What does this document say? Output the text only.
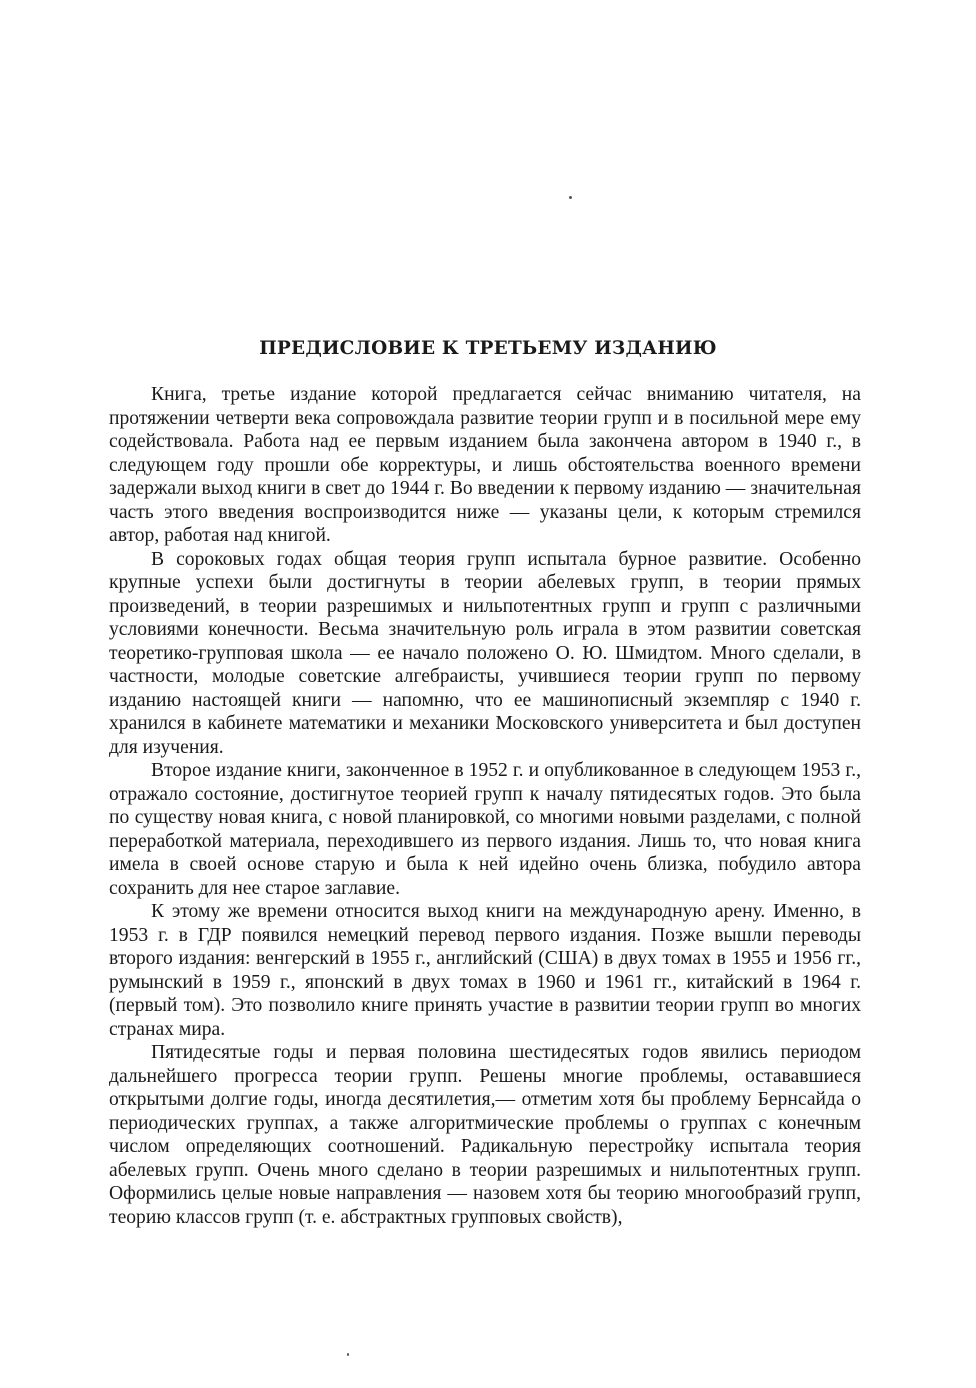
ПРЕДИСЛОВИЕ К ТРЕТЬЕМУ ИЗДАНИЮ

Книга, третье издание которой предлагается сейчас вниманию читателя, на протяжении четверти века сопровождала развитие теории групп и в посильной мере ему содействовала. Работа над ее первым изданием была закончена автором в 1940 г., в следующем году прошли обе корректуры, и лишь обстоятельства военного времени задержали выход книги в свет до 1944 г. Во введении к первому изданию — значительная часть этого введения воспроизводится ниже — указаны цели, к которым стремился автор, работая над книгой.

В сороковых годах общая теория групп испытала бурное развитие. Особенно крупные успехи были достигнуты в теории абелевых групп, в теории прямых произведений, в теории разрешимых и нильпотентных групп и групп с различными условиями конечности. Весьма значительную роль играла в этом развитии советская теоретико-групповая школа — ее начало положено О. Ю. Шмидтом. Много сделали, в частности, молодые советские алгебраисты, учившиеся теории групп по первому изданию настоящей книги — напомню, что ее машинописный экземпляр с 1940 г. хранился в кабинете математики и механики Московского университета и был доступен для изучения.

Второе издание книги, законченное в 1952 г. и опубликованное в следующем 1953 г., отражало состояние, достигнутое теорией групп к началу пятидесятых годов. Это была по существу новая книга, с новой планировкой, со многими новыми разделами, с полной переработкой материала, переходившего из первого издания. Лишь то, что новая книга имела в своей основе старую и была к ней идейно очень близка, побудило автора сохранить для нее старое заглавие.

К этому же времени относится выход книги на международную арену. Именно, в 1953 г. в ГДР появился немецкий перевод первого издания. Позже вышли переводы второго издания: венгерский в 1955 г., английский (США) в двух томах в 1955 и 1956 гг., румынский в 1959 г., японский в двух томах в 1960 и 1961 гг., китайский в 1964 г. (первый том). Это позволило книге принять участие в развитии теории групп во многих странах мира.

Пятидесятые годы и первая половина шестидесятых годов явились периодом дальнейшего прогресса теории групп. Решены многие проблемы, остававшиеся открытыми долгие годы, иногда десятилетия,— отметим хотя бы проблему Бернсайда о периодических группах, а также алгоритмические проблемы о группах с конечным числом определяющих соотношений. Радикальную перестройку испытала теория абелевых групп. Очень много сделано в теории разрешимых и нильпотентных групп. Оформились целые новые направления — назовем хотя бы теорию многообразий групп, теорию классов групп (т. е. абстрактных групповых свойств),
